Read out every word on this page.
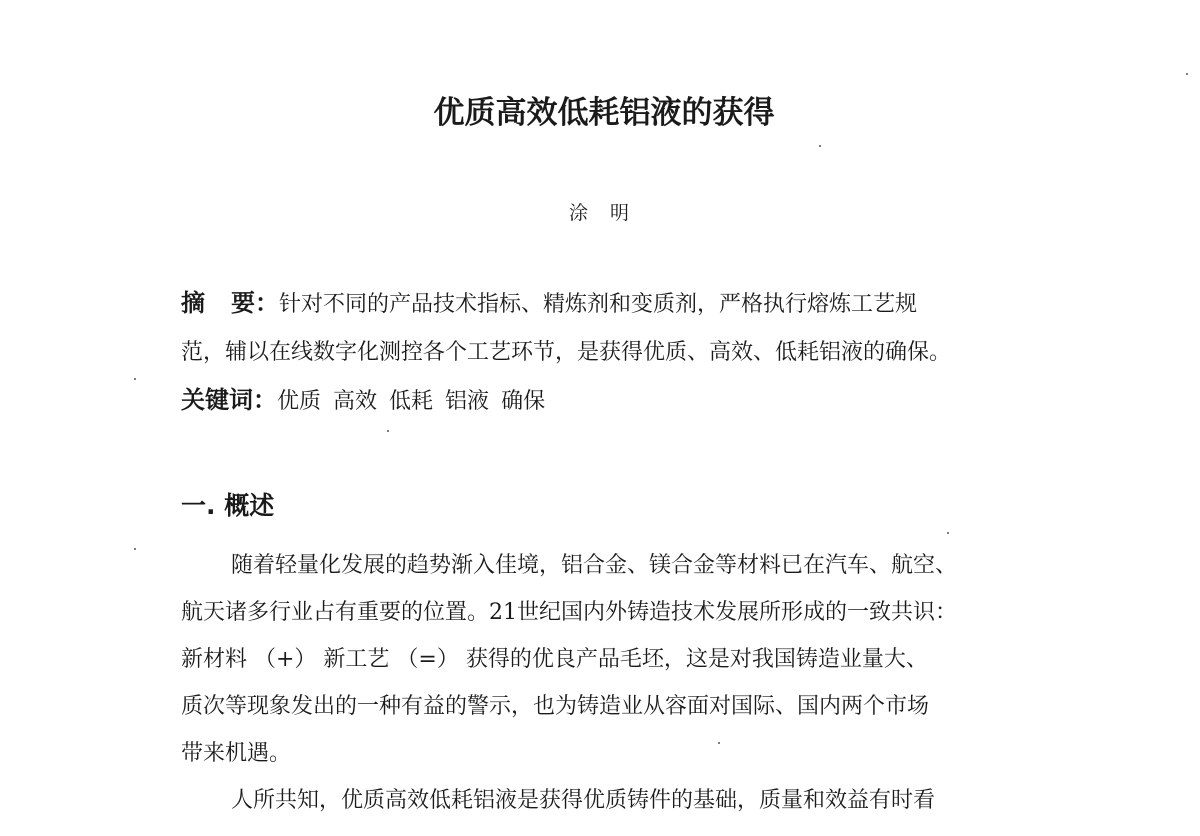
优质高效低耗铝液的获得
涂明
摘 要：针对不同的产品技术指标、精炼剂和变质剂，严格执行熔炼工艺规
范，辅以在线数字化测控各个工艺环节，是获得优质、高效、低耗铝液的确保。
关键词：优质 高效 低耗 铝液 确保
一. 概述
随着轻量化发展的趋势渐入佳境，铝合金、镁合金等材料已在汽车、航空、
航天诸多行业占有重要的位置。21世纪国内外铸造技术发展所形成的一致共识：
新材料 （+） 新工艺 （=） 获得的优良产品毛坯，这是对我国铸造业量大、
质次等现象发出的一种有益的警示，也为铸造业从容面对国际、国内两个市场
带来机遇。
人所共知，优质高效低耗铝液是获得优质铸件的基础，质量和效益有时看
